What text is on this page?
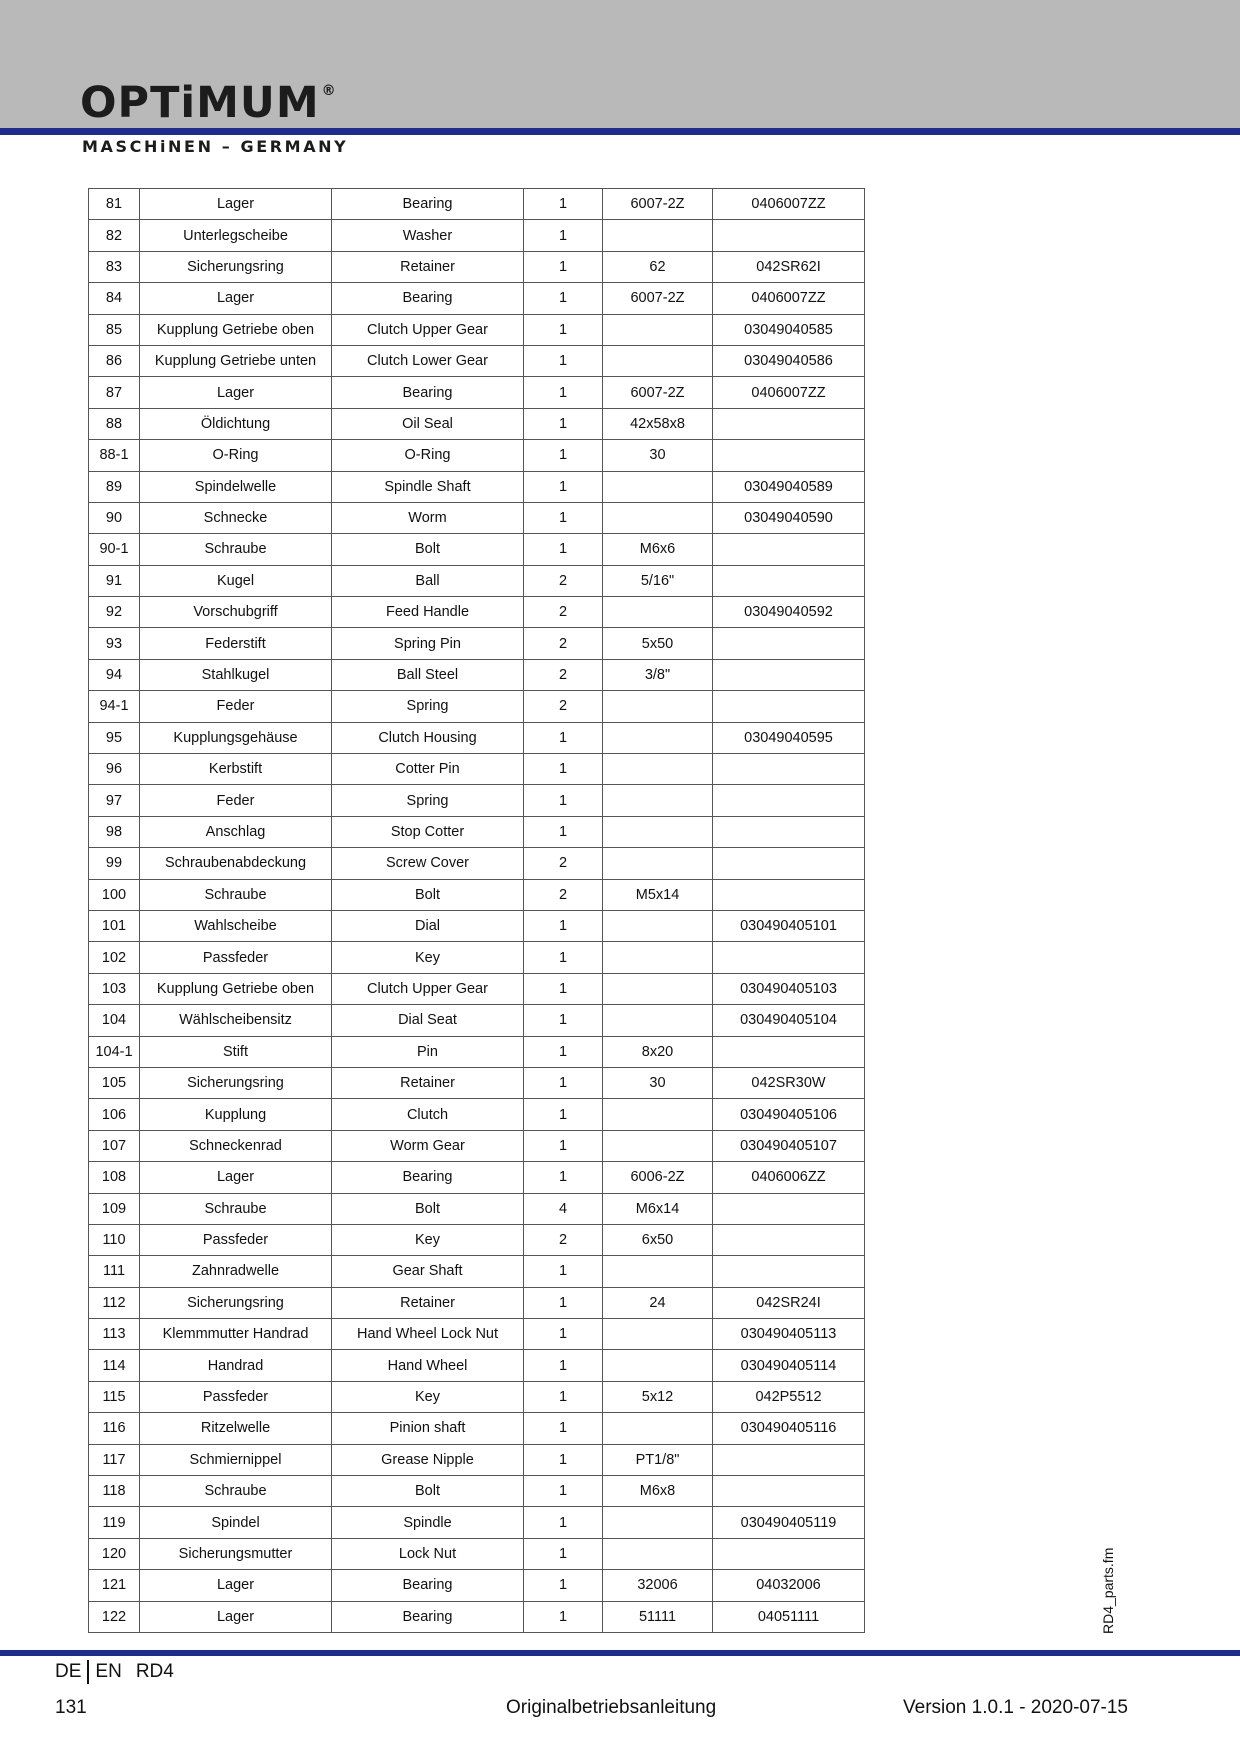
OPTiMUM ®
MASCHiNEN – GERMANY
81	Lager	Bearing	1	6007-2Z	0406007ZZ
82	Unterlegscheibe	Washer	1		
83	Sicherungsring	Retainer	1	62	042SR62I
84	Lager	Bearing	1	6007-2Z	0406007ZZ
85	Kupplung Getriebe oben	Clutch Upper Gear	1		03049040585
86	Kupplung Getriebe unten	Clutch Lower Gear	1		03049040586
87	Lager	Bearing	1	6007-2Z	0406007ZZ
88	Öldichtung	Oil Seal	1	42x58x8	
88-1	O-Ring	O-Ring	1	30	
89	Spindelwelle	Spindle Shaft	1		03049040589
90	Schnecke	Worm	1		03049040590
90-1	Schraube	Bolt	1	M6x6	
91	Kugel	Ball	2	5/16"	
92	Vorschubgriff	Feed Handle	2		03049040592
93	Federstift	Spring Pin	2	5x50	
94	Stahlkugel	Ball Steel	2	3/8"	
94-1	Feder	Spring	2		
95	Kupplungsgehäuse	Clutch Housing	1		03049040595
96	Kerbstift	Cotter Pin	1		
97	Feder	Spring	1		
98	Anschlag	Stop Cotter	1		
99	Schraubenabdeckung	Screw Cover	2		
100	Schraube	Bolt	2	M5x14	
101	Wahlscheibe	Dial	1		030490405101
102	Passfeder	Key	1		
103	Kupplung Getriebe oben	Clutch Upper Gear	1		030490405103
104	Wählscheibensitz	Dial Seat	1		030490405104
104-1	Stift	Pin	1	8x20	
105	Sicherungsring	Retainer	1	30	042SR30W
106	Kupplung	Clutch	1		030490405106
107	Schneckenrad	Worm Gear	1		030490405107
108	Lager	Bearing	1	6006-2Z	0406006ZZ
109	Schraube	Bolt	4	M6x14	
110	Passfeder	Key	2	6x50	
111	Zahnradwelle	Gear Shaft	1		
112	Sicherungsring	Retainer	1	24	042SR24I
113	Klemmmutter Handrad	Hand Wheel Lock Nut	1		030490405113
114	Handrad	Hand Wheel	1		030490405114
115	Passfeder	Key	1	5x12	042P5512
116	Ritzelwelle	Pinion shaft	1		030490405116
117	Schmiernippel	Grease Nipple	1	PT1/8"	
118	Schraube	Bolt	1	M6x8	
119	Spindel	Spindle	1		030490405119
120	Sicherungsmutter	Lock Nut	1		
121	Lager	Bearing	1	32006	04032006
122	Lager	Bearing	1	51111	04051111	RD4_parts.fm
DE EN RD4
131	Originalbetriebsanleitung	Version 1.0.1 - 2020-07-15
